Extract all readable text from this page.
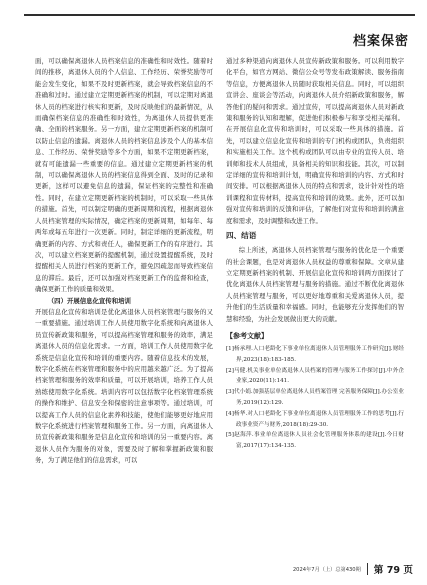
档案保密

面，可以确保离退休人员档案信息的准确性和时效性。随着时间的推移，离退休人员的个人信息、工作经历、荣誉奖励等可能会发生变化，如果不及时更新档案，就会导致档案信息的不准确和过时。通过建立定期更新档案的机制，可以定期对离退休人员的档案进行核实和更新，及时反映他们的最新情况，从而确保档案信息的准确性和时效性，为离退休人员提供更准确、全面的档案服务。另一方面，建立定期更新档案的机制可以防止信息的遗漏。离退休人员的档案信息涉及个人的基本信息、工作经历、荣誉奖励等多个方面，如果不定期更新档案，就有可能遗漏一些重要的信息。通过建立定期更新档案的机制，可以确保离退休人员的档案信息得到全面、及时的记录和更新，这样可以避免信息的遗漏，保证档案的完整性和准确性。同时，在建立定期更新档案的机制时，可以采取一些具体的措施。首先，可以制定明确的更新周期和流程，根据离退休人员档案管理的实际情况，确定档案的更新周期，如每年、每两年或每五年进行一次更新。同时，制定详细的更新流程，明确更新的内容、方式和责任人，确保更新工作的有序进行。其次，可以建立档案更新的提醒机制，通过设置提醒系统，及时提醒相关人员进行档案的更新工作，避免因疏忽而导致档案信息的滞后。最后，还可以加强对档案更新工作的监督和检查，确保更新工作的质量和效果。

（四）开展信息化宣传和培训

开展信息化宣传和培训是优化离退休人员档案管理与服务的又一重要措施。通过培训工作人员使用数字化系统和向离退休人员宣传新政策和服务，可以提高档案管理和服务的效率，满足离退休人员的信息化需求。一方面，培训工作人员使用数字化系统是信息化宣传和培训的重要内容。随着信息技术的发展，数字化系统在档案管理和服务中的应用越来越广泛。为了提高档案管理和服务的效率和质量，可以开展培训，培养工作人员熟练使用数字化系统。培训内容可以包括数字化档案管理系统的操作和维护、信息安全和保密的注意事项等。通过培训，可以提高工作人员的信息化素养和技能，使他们能够更好地应用数字化系统进行档案管理和服务工作。另一方面，向离退休人员宣传新政策和服务是信息化宣传和培训的另一重要内容。离退休人员作为服务的对象，需要及时了解和掌握新政策和服务，为了满足他们的信息需求，可以

通过多种渠道向离退休人员宣传新政策和服务。可以利用数字化平台，如官方网站、微信公众号等发布政策解读、服务指南等信息，方便离退休人员随时获取相关信息。同时，可以组织宣讲会、座谈会等活动，向离退休人员介绍新政策和服务，解答他们的疑问和需求。通过宣传，可以提高离退休人员对新政策和服务的认知和理解，促进他们积极参与和享受相关福利。在开展信息化宣传和培训时，可以采取一些具体的措施。首先，可以建立信息化宣传和培训的专门机构或团队，负责组织和实施相关工作。这个机构或团队可以由专业的宣传人员、培训师和技术人员组成，具备相关的知识和技能。其次，可以制定详细的宣传和培训计划，明确宣传和培训的内容、方式和时间安排。可以根据离退休人员的特点和需求，设计针对性的培训课程和宣传材料，提高宣传和培训的效果。此外，还可以加强对宣传和培训的反馈和评估，了解他们对宣传和培训的满意度和需求，及时调整和改进工作。

四、结语

综上所述，离退休人员档案管理与服务的优化是一个重要的社会课题，也是对离退休人员权益的尊重和保障。文章从建立定期更新档案的机制、开展信息化宣传和培训两方面探讨了优化离退休人员档案管理与服务的措施。通过不断优化离退休人员档案管理与服务，可以更好地尊重和关爱离退休人员，提升他们的生活质量和幸福感。同时，也能够充分发挥他们的智慧和经验，为社会发展做出更大的贡献。

【参考文献】

[1]杨承理.人口老龄化下事业单位离退休人员管理服务工作研究[J].财经界,2023(18):183-185.

[2]马健.机关事业单位离退休人员档案的管理与服务工作探讨[J].中外企业家,2020(11):141.

[3]代小娟.加强基层单位离退休人员档案管理 完善服务保障[J].办公室业务,2019(12):129.

[4]杨华.对人口老龄化下事业单位离退休人员管理服务工作的思考[J].行政事业资产与财务,2018(18):29-30.

[5]赵海萍.事业单位离退休人员社会化管理服务体系的建设[J].今日财富,2017(17):134-135.

2024年7月（上）总第430期 第 79 页
